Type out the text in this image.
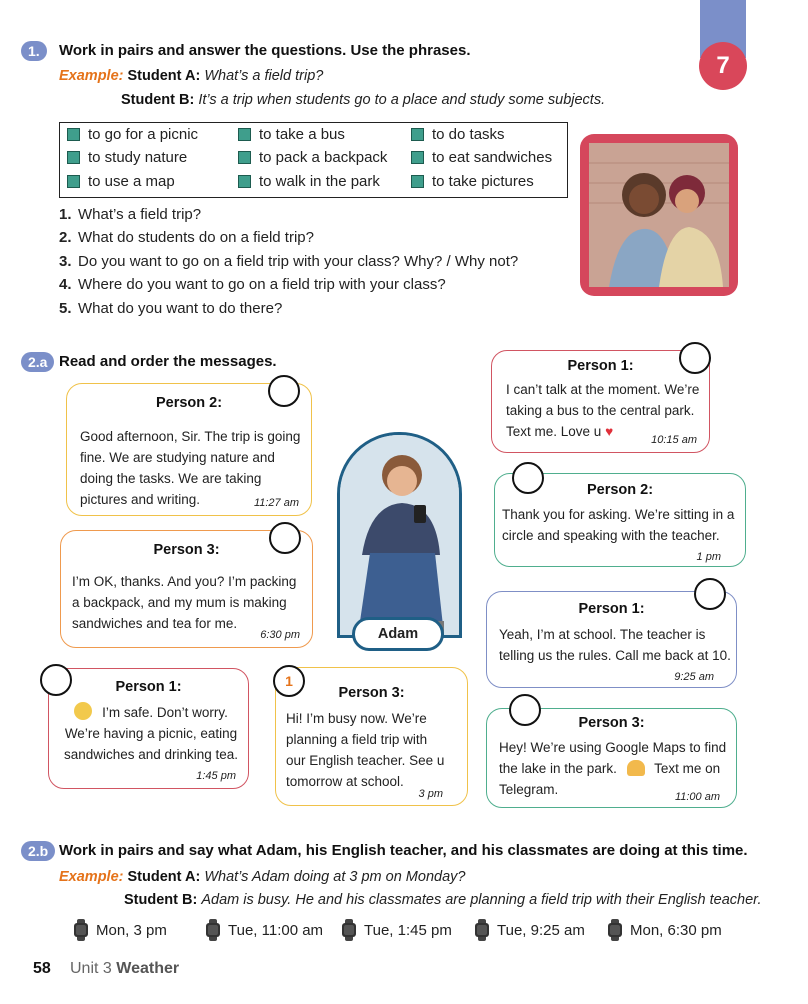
7
1.	Work in pairs and answer the questions. Use the phrases.
Example: Student A: What’s a field trip?
Student B: It’s a trip when students go to a place and study some subjects.
to go for a picnic	to take a bus	to do tasks
to study nature	to pack a backpack	to eat sandwiches
to use a map	to walk in the park	to take pictures
1. What’s a field trip?
2. What do students do on a field trip?
3. Do you want to go on a field trip with your class? Why? / Why not?
4. Where do you want to go on a field trip with your class?
5. What do you want to do there?
2.a Read and order the messages.
Person 2:
Good afternoon, Sir. The trip is going
fine. We are studying nature and
doing the tasks. We are taking
pictures and writing.	11:27 am
Person 3:
I’m OK, thanks. And you? I’m packing
a backpack, and my mum is making
sandwiches and tea for me.
6:30 pm
Person 1:
I’m safe. Don’t worry.
We’re having a picnic, eating
sandwiches and drinking tea.
1:45 pm
Person 3:
Hi! I’m busy now. We’re
planning a field trip with
our English teacher. See u
tomorrow at school.
3 pm
1
Person 1:
I can’t talk at the moment. We’re
taking a bus to the central park.
Text me. Love u ♥
10:15 am
Person 2:
Thank you for asking. We’re sitting in a
circle and speaking with the teacher.
1 pm
Person 1:
Yeah, I’m at school. The teacher is
telling us the rules. Call me back at 10.
9:25 am
Person 3:
Hey! We’re using Google Maps to find
the lake in the park.	Text me on
Telegram.	11:00 am
Adam
2.b Work in pairs and say what Adam, his English teacher, and his classmates are doing at this time.
Example: Student A: What’s Adam doing at 3 pm on Monday?
Student B: Adam is busy. He and his classmates are planning a field trip with their English teacher.
Mon, 3 pm	Tue, 11:00 am	Tue, 1:45 pm	Tue, 9:25 am	Mon, 6:30 pm
58 Unit 3 Weather
